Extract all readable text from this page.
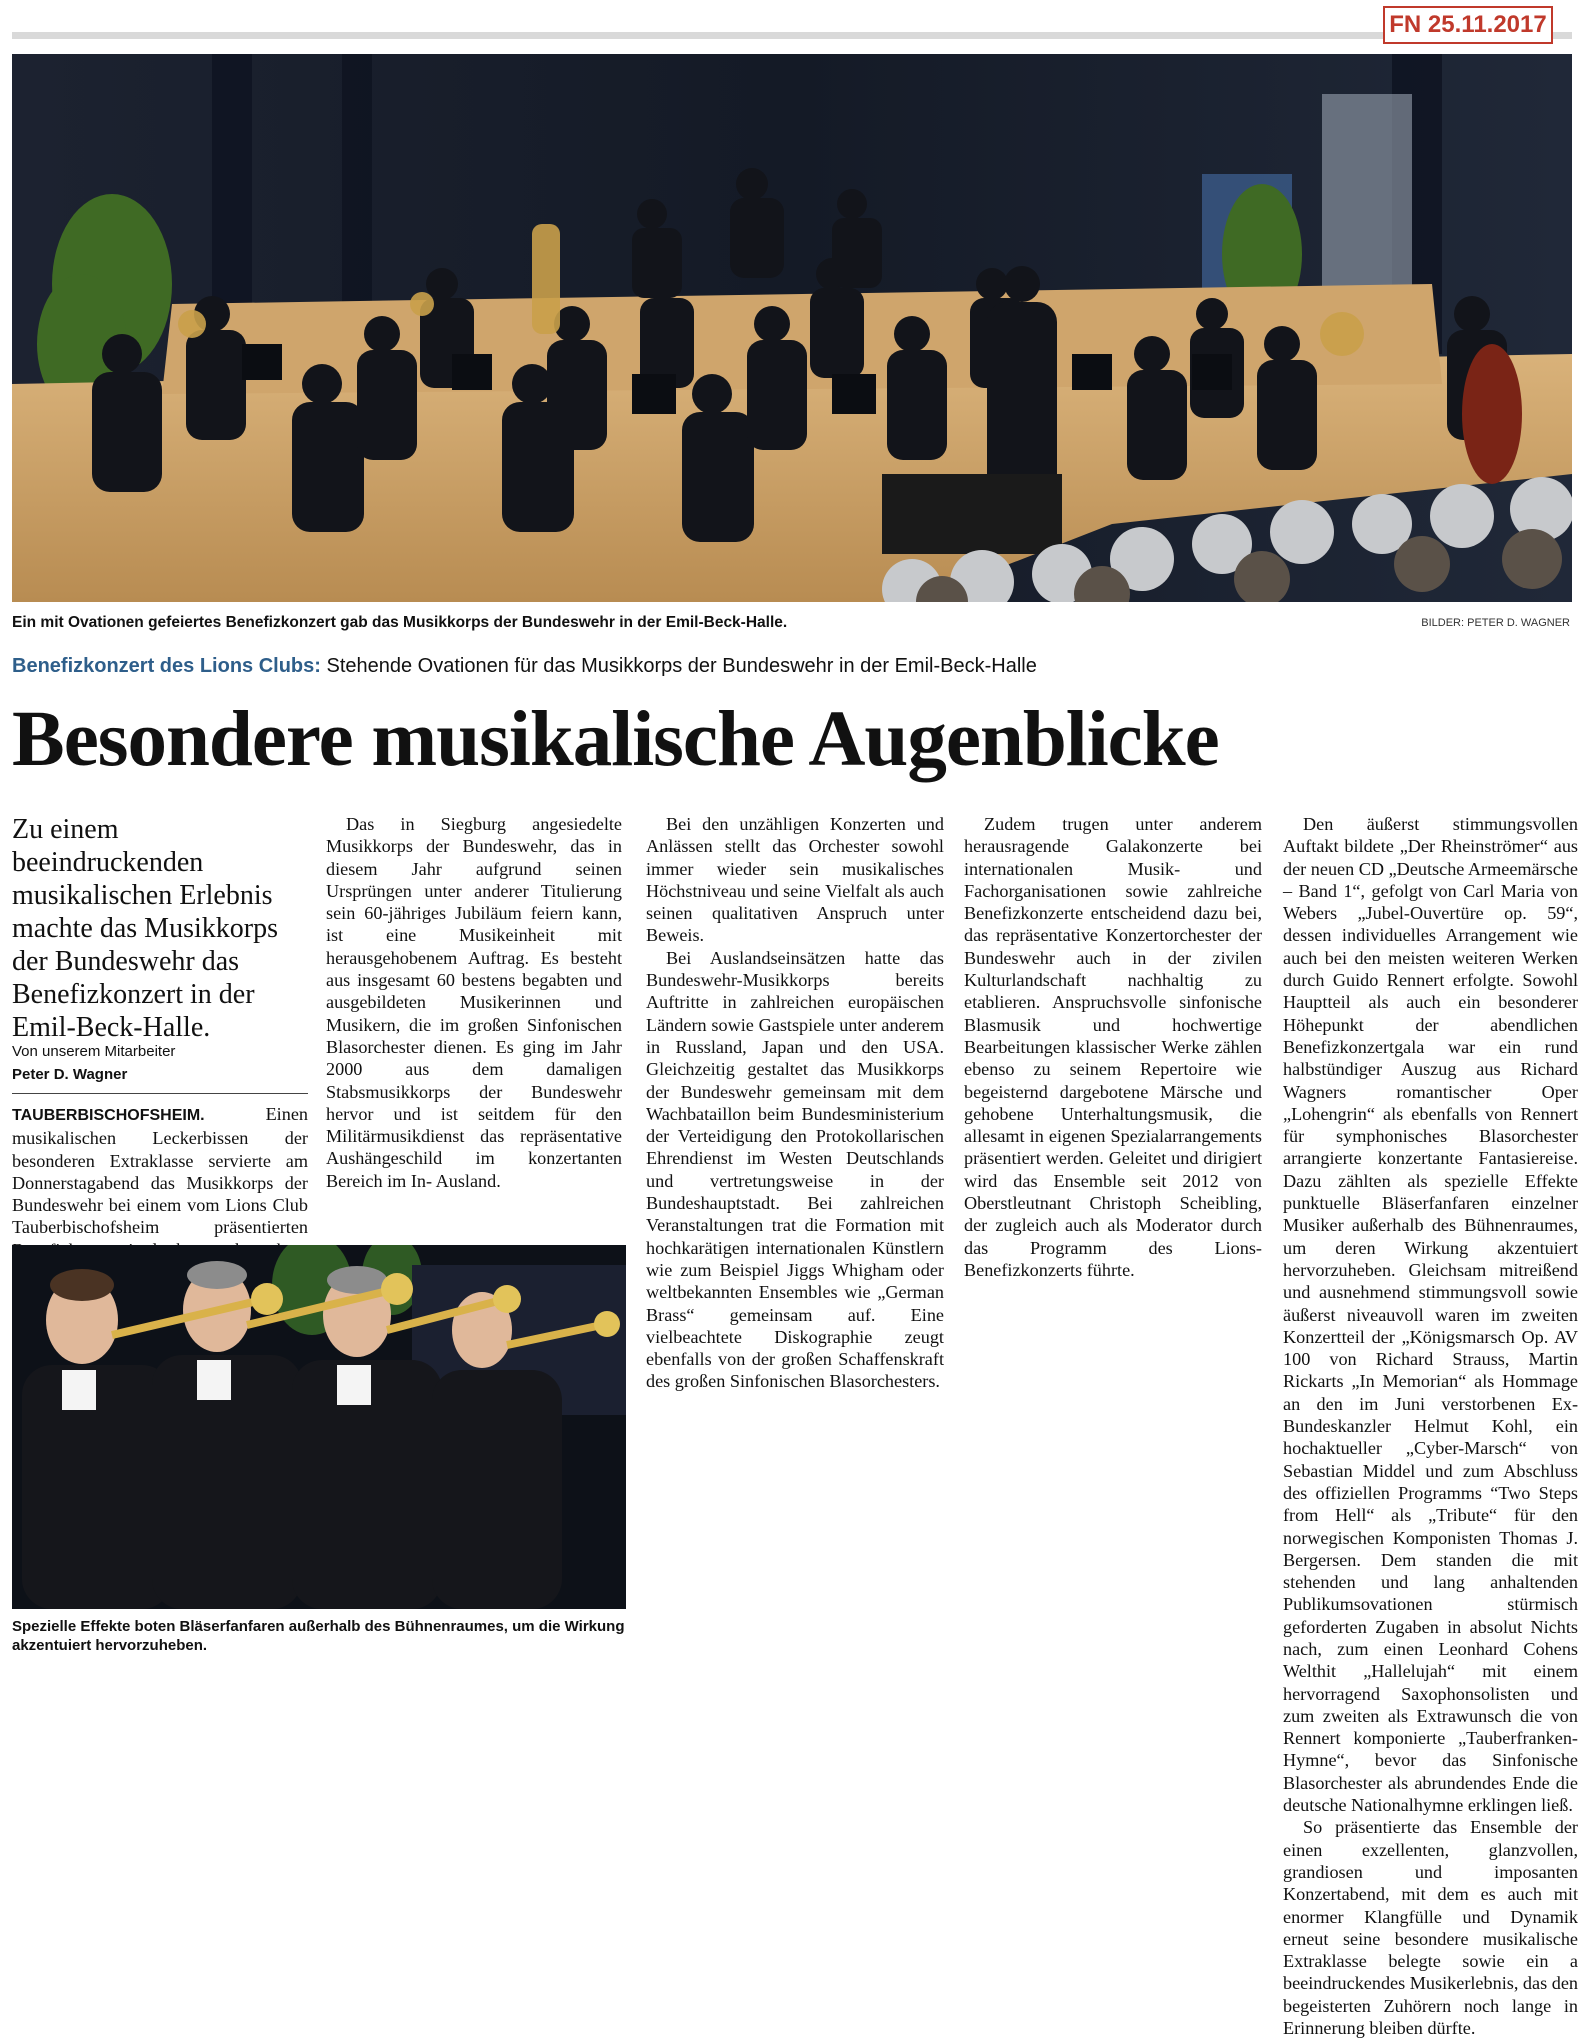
FN 25.11.2017
Ein mit Ovationen gefeiertes Benefizkonzert gab das Musikkorps der Bundeswehr in der Emil-Beck-Halle.	BILDER: PETER D. WAGNER
Benefizkonzert des Lions Clubs: Stehende Ovationen für das Musikkorps der Bundeswehr in der Emil-Beck-Halle
Besondere musikalische Augenblicke
Zu einem beeindruckenden musikalischen Erlebnis machte das Musikkorps der Bundeswehr das Benefizkonzert in der Emil-Beck-Halle.
Von unserem Mitarbeiter
Peter D. Wagner

TAUBERBISCHOFSHEIM.	Einen musikalischen Leckerbissen der besonderen Extraklasse servierte am Donnerstagabend das Musikkorps der Bundeswehr bei einem vom Lions Club Tauberbischofsheim präsentierten

Das in Siegburg angesiedelte Musikkorps der Bundeswehr, das in diesem Jahr aufgrund seinen Ursprüngen unter anderer Titulierung sein 60-jähriges Jubiläum feiern kann, ist eine Musikeinheit mit herausgehobenem Auftrag. Es besteht aus insgesamt 60 bestens begabten und ausgebildeten Musikerinnen und Musikern, die im großen Sinfonischen Blasorchester dienen. Es ging im Jahr 2000 aus dem damaligen Stabsmusikkorps der Bundeswehr hervor und ist seitdem für den Militärmusikdienst das repräsentative Aushängeschild im konzertanten Bereich im In- Ausland.

Bei den unzähligen Konzerten und Anlässen stellt das Orchester sowohl immer wieder sein musikalisches Höchstniveau und seine Vielfalt als auch seinen qualitativen Anspruch unter Beweis.

Bei Auslandseinsätzen hatte das Bundeswehr-Musikkorps bereits Auftritte in zahlreichen europäischen Ländern sowie Gastspiele unter anderem in Russland, Japan und den USA. Gleichzeitig gestaltet das Musikkorps der Bundeswehr gemeinsam mit dem Wachbataillon beim Bundesministerium der Verteidigung den Protokollarischen Ehrendienst im Westen Deutschlands und vertretungsweise in der Bundeshauptstadt. Bei zahlreichen Veranstaltungen trat die Formation mit hochkarätigen internationalen Künstlern wie zum Beispiel Jiggs Whigham oder weltbekannten Ensembles wie „German Brass“ gemeinsam auf. Eine vielbeachtete Diskographie zeugt ebenfalls von der großen Schaffenskraft des großen Sinfonischen Blasorchesters.

Zudem trugen unter anderem herausragende Galakonzerte bei internationalen Musik- und Fachorganisationen sowie zahlreiche Benefizkonzerte entscheidend dazu bei, das repräsentative Konzertorchester der Bundeswehr auch in der zivilen Kulturlandschaft nachhaltig zu etablieren. Anspruchsvolle sinfonische Blasmusik und hochwertige Bearbeitungen klassischer Werke zählen ebenso zu seinem Repertoire wie begeisternd dargebotene Märsche und gehobene Unterhaltungsmusik, die allesamt in eigenen Spezialarrangements präsentiert werden. Geleitet und dirigiert wird das Ensemble seit 2012 von Oberstleutnant Christoph Scheibling, der zugleich auch als Moderator durch das Programm des Lions-Benefizkonzerts führte.

Den äußerst stimmungsvollen Auftakt bildete „Der Rheinströmer“ aus der neuen CD „Deutsche Armeemärsche – Band 1“, gefolgt von Carl Maria von Webers „Jubel-Ouvertüre op. 59“, dessen individuelles Arrangement wie auch bei den meisten weiteren Werken durch Guido Rennert erfolgte. Sowohl Hauptteil als auch ein besonderer Höhepunkt der abendlichen Benefizkonzertgala war ein rund halbstündiger Auszug aus Richard Wagners romantischer Oper „Lohengrin“ als ebenfalls von Rennert für symphonisches Blasorchester arrangierte konzertante Fantasiereise. Dazu zählten als spezielle Effekte punktuelle Bläserfanfaren einzelner Musiker außerhalb des Bühnenraumes, um deren Wirkung akzentuiert hervorzuheben. Gleichsam mitreißend und ausnehmend stimmungsvoll sowie äußerst niveauvoll waren im zweiten Konzertteil der „Königsmarsch Op. AV 100 von Richard Strauss, Martin Rickarts „In Memorian“ als Hommage an den im Juni verstorbenen Ex-Bundeskanzler Helmut Kohl, ein hochaktueller „Cyber-Marsch“ von Sebastian Middel und zum Abschluss des offiziellen Programms “Two Steps from Hell“ als „Tribute“ für den norwegischen Komponisten Thomas J. Bergersen. Dem standen die mit stehenden und lang anhaltenden Publikumsovationen stürmisch geforderten Zugaben in absolut Nichts nach, zum einen Leonhard Cohens Welthit „Hallelujah“ mit einem hervorragend Saxophonsolisten und zum zweiten als Extrawunsch die von Rennert komponierte „Tauberfranken-Hymne“, bevor das Sinfonische Blasorchester als abrundendes Ende die deutsche Nationalhymne erklingen ließ.

So präsentierte das Ensemble der einen exzellenten, glanzvollen, grandiosen und imposanten Konzertabend, mit dem es auch mit enormer Klangfülle und Dynamik erneut seine besondere musikalische Extraklasse belegte sowie ein a beeindruckendes Musikerlebnis, das den begeisterten Zuhörern noch lange in Erinnerung bleiben dürfte.

Spezielle Effekte boten Bläserfanfaren außerhalb des Bühnenraumes, um die Wirkung akzentuiert hervorzuheben.
